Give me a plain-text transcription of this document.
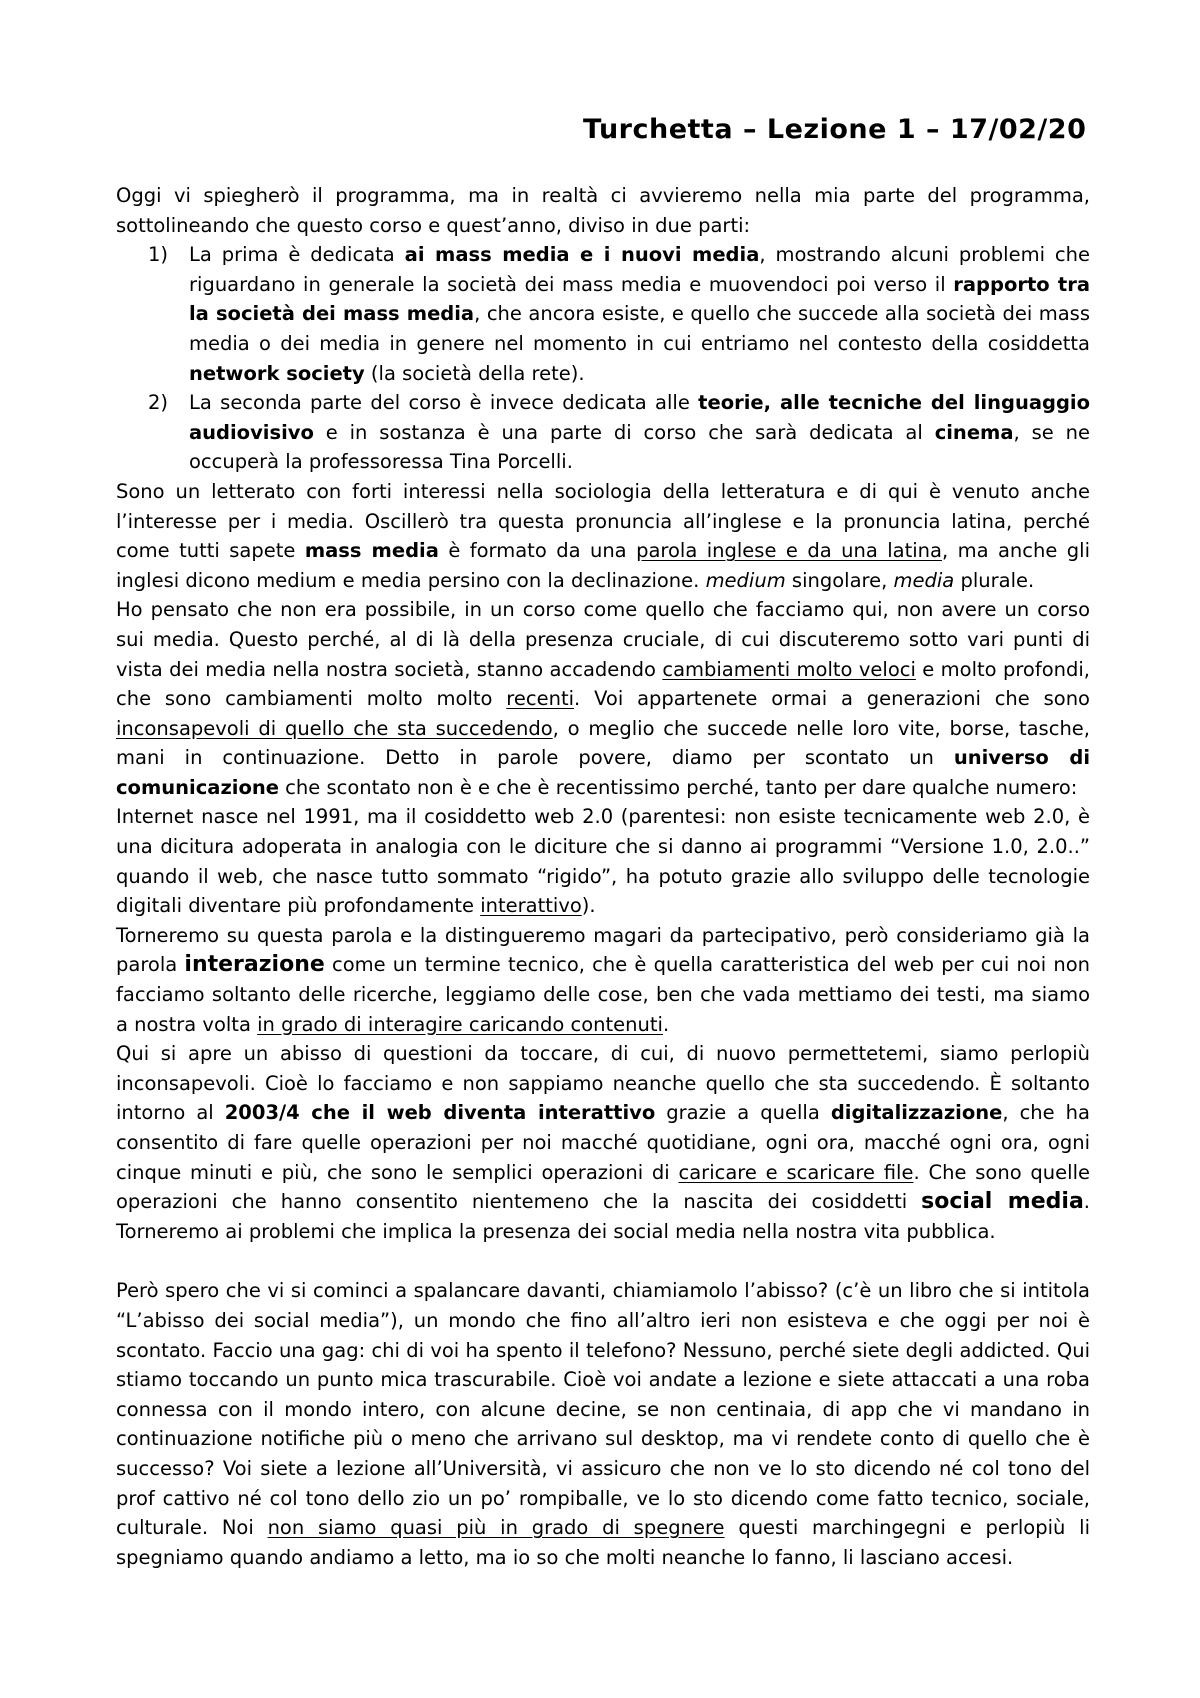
Turchetta – Lezione 1 – 17/02/20

Oggi vi spiegherò il programma, ma in realtà ci avvieremo nella mia parte del programma, sottolineando che questo corso e quest’anno, diviso in due parti:

1) La prima è dedicata ai mass media e i nuovi media, mostrando alcuni problemi che riguardano in generale la società dei mass media e muovendoci poi verso il rapporto tra la società dei mass media, che ancora esiste, e quello che succede alla società dei mass media o dei media in genere nel momento in cui entriamo nel contesto della cosiddetta network society (la società della rete).
2) La seconda parte del corso è invece dedicata alle teorie, alle tecniche del linguaggio audiovisivo e in sostanza è una parte di corso che sarà dedicata al cinema, se ne occuperà la professoressa Tina Porcelli.

Sono un letterato con forti interessi nella sociologia della letteratura e di qui è venuto anche l’interesse per i media. Oscillerò tra questa pronuncia all’inglese e la pronuncia latina, perché come tutti sapete mass media è formato da una parola inglese e da una latina, ma anche gli inglesi dicono medium e media persino con la declinazione. medium singolare, media plurale.

Ho pensato che non era possibile, in un corso come quello che facciamo qui, non avere un corso sui media. Questo perché, al di là della presenza cruciale, di cui discuteremo sotto vari punti di vista dei media nella nostra società, stanno accadendo cambiamenti molto veloci e molto profondi, che sono cambiamenti molto molto recenti. Voi appartenete ormai a generazioni che sono inconsapevoli di quello che sta succedendo, o meglio che succede nelle loro vite, borse, tasche, mani in continuazione. Detto in parole povere, diamo per scontato un universo di comunicazione che scontato non è e che è recentissimo perché, tanto per dare qualche numero:

Internet nasce nel 1991, ma il cosiddetto web 2.0 (parentesi: non esiste tecnicamente web 2.0, è una dicitura adoperata in analogia con le diciture che si danno ai programmi “Versione 1.0, 2.0..” quando il web, che nasce tutto sommato “rigido”, ha potuto grazie allo sviluppo delle tecnologie digitali diventare più profondamente interattivo).

Torneremo su questa parola e la distingueremo magari da partecipativo, però consideriamo già la parola interazione come un termine tecnico, che è quella caratteristica del web per cui noi non facciamo soltanto delle ricerche, leggiamo delle cose, ben che vada mettiamo dei testi, ma siamo a nostra volta in grado di interagire caricando contenuti.

Qui si apre un abisso di questioni da toccare, di cui, di nuovo permettetemi, siamo perlopiù inconsapevoli. Cioè lo facciamo e non sappiamo neanche quello che sta succedendo. È soltanto intorno al 2003/4 che il web diventa interattivo grazie a quella digitalizzazione, che ha consentito di fare quelle operazioni per noi macché quotidiane, ogni ora, macché ogni ora, ogni cinque minuti e più, che sono le semplici operazioni di caricare e scaricare file. Che sono quelle operazioni che hanno consentito nientemeno che la nascita dei cosiddetti social media. Torneremo ai problemi che implica la presenza dei social media nella nostra vita pubblica.

Però spero che vi si cominci a spalancare davanti, chiamiamolo l’abisso? (c’è un libro che si intitola “L’abisso dei social media”), un mondo che fino all’altro ieri non esisteva e che oggi per noi è scontato. Faccio una gag: chi di voi ha spento il telefono? Nessuno, perché siete degli addicted. Qui stiamo toccando un punto mica trascurabile. Cioè voi andate a lezione e siete attaccati a una roba connessa con il mondo intero, con alcune decine, se non centinaia, di app che vi mandano in continuazione notifiche più o meno che arrivano sul desktop, ma vi rendete conto di quello che è successo? Voi siete a lezione all’Università, vi assicuro che non ve lo sto dicendo né col tono del prof cattivo né col tono dello zio un po’ rompiballe, ve lo sto dicendo come fatto tecnico, sociale, culturale. Noi non siamo quasi più in grado di spegnere questi marchingegni e perlopiù li spegniamo quando andiamo a letto, ma io so che molti neanche lo fanno, li lasciano accesi.
